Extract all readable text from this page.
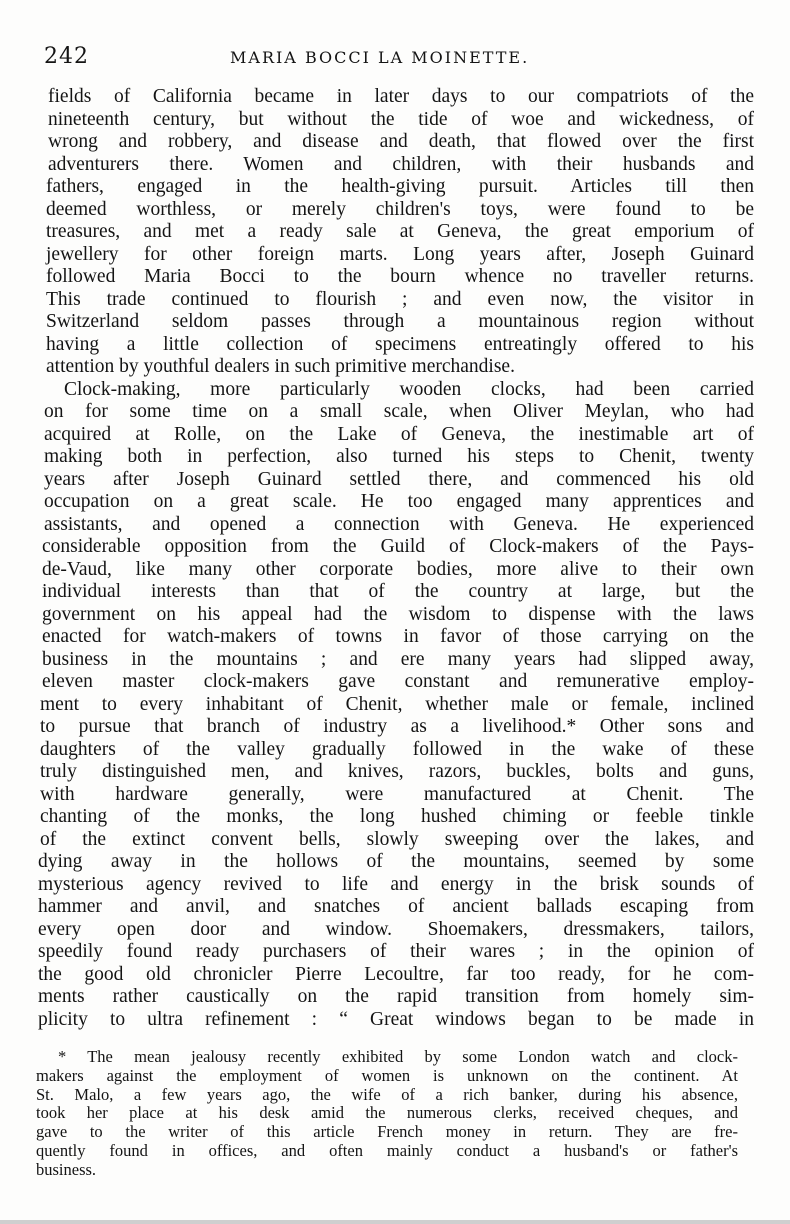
242	MARIA BOCCI LA MOINETTE.
fields of California became in later days to our compatriots of the
nineteenth century, but without the tide of woe and wickedness, of
wrong and robbery, and disease and death, that flowed over the first
adventurers there. Women and children, with their husbands and
fathers, engaged in the health-giving pursuit. Articles till then
deemed worthless, or merely children's toys, were found to be
treasures, and met a ready sale at Geneva, the great emporium of
jewellery for other foreign marts. Long years after, Joseph Guinard
followed Maria Bocci to the bourn whence no traveller returns.
This trade continued to flourish ; and even now, the visitor in
Switzerland seldom passes through a mountainous region without
having a little collection of specimens entreatingly offered to his
attention by youthful dealers in such primitive merchandise.
Clock-making, more particularly wooden clocks, had been carried
on for some time on a small scale, when Oliver Meylan, who had
acquired at Rolle, on the Lake of Geneva, the inestimable art of
making both in perfection, also turned his steps to Chenit, twenty
years after Joseph Guinard settled there, and commenced his old
occupation on a great scale. He too engaged many apprentices and
assistants, and opened a connection with Geneva. He experienced
considerable opposition from the Guild of Clock-makers of the Pays-
de-Vaud, like many other corporate bodies, more alive to their own
individual interests than that of the country at large, but the
government on his appeal had the wisdom to dispense with the laws
enacted for watch-makers of towns in favor of those carrying on the
business in the mountains ; and ere many years had slipped away,
eleven master clock-makers gave constant and remunerative employ-
ment to every inhabitant of Chenit, whether male or female, inclined
to pursue that branch of industry as a livelihood.* Other sons and
daughters of the valley gradually followed in the wake of these
truly distinguished men, and knives, razors, buckles, bolts and guns,
with hardware generally, were manufactured at Chenit. The
chanting of the monks, the long hushed chiming or feeble tinkle
of the extinct convent bells, slowly sweeping over the lakes, and
dying away in the hollows of the mountains, seemed by some
mysterious agency revived to life and energy in the brisk sounds of
hammer and anvil, and snatches of ancient ballads escaping from
every open door and window. Shoemakers, dressmakers, tailors,
speedily found ready purchasers of their wares ; in the opinion of
the good old chronicler Pierre Lecoultre, far too ready, for he com-
ments rather caustically on the rapid transition from homely sim-
plicity to ultra refinement : “ Great windows began to be made in
* The mean jealousy recently exhibited by some London watch and clock-
makers against the employment of women is unknown on the continent. At
St. Malo, a few years ago, the wife of a rich banker, during his absence,
took her place at his desk amid the numerous clerks, received cheques, and
gave to the writer of this article French money in return. They are fre-
quently found in offices, and often mainly conduct a husband's or father's
business.
